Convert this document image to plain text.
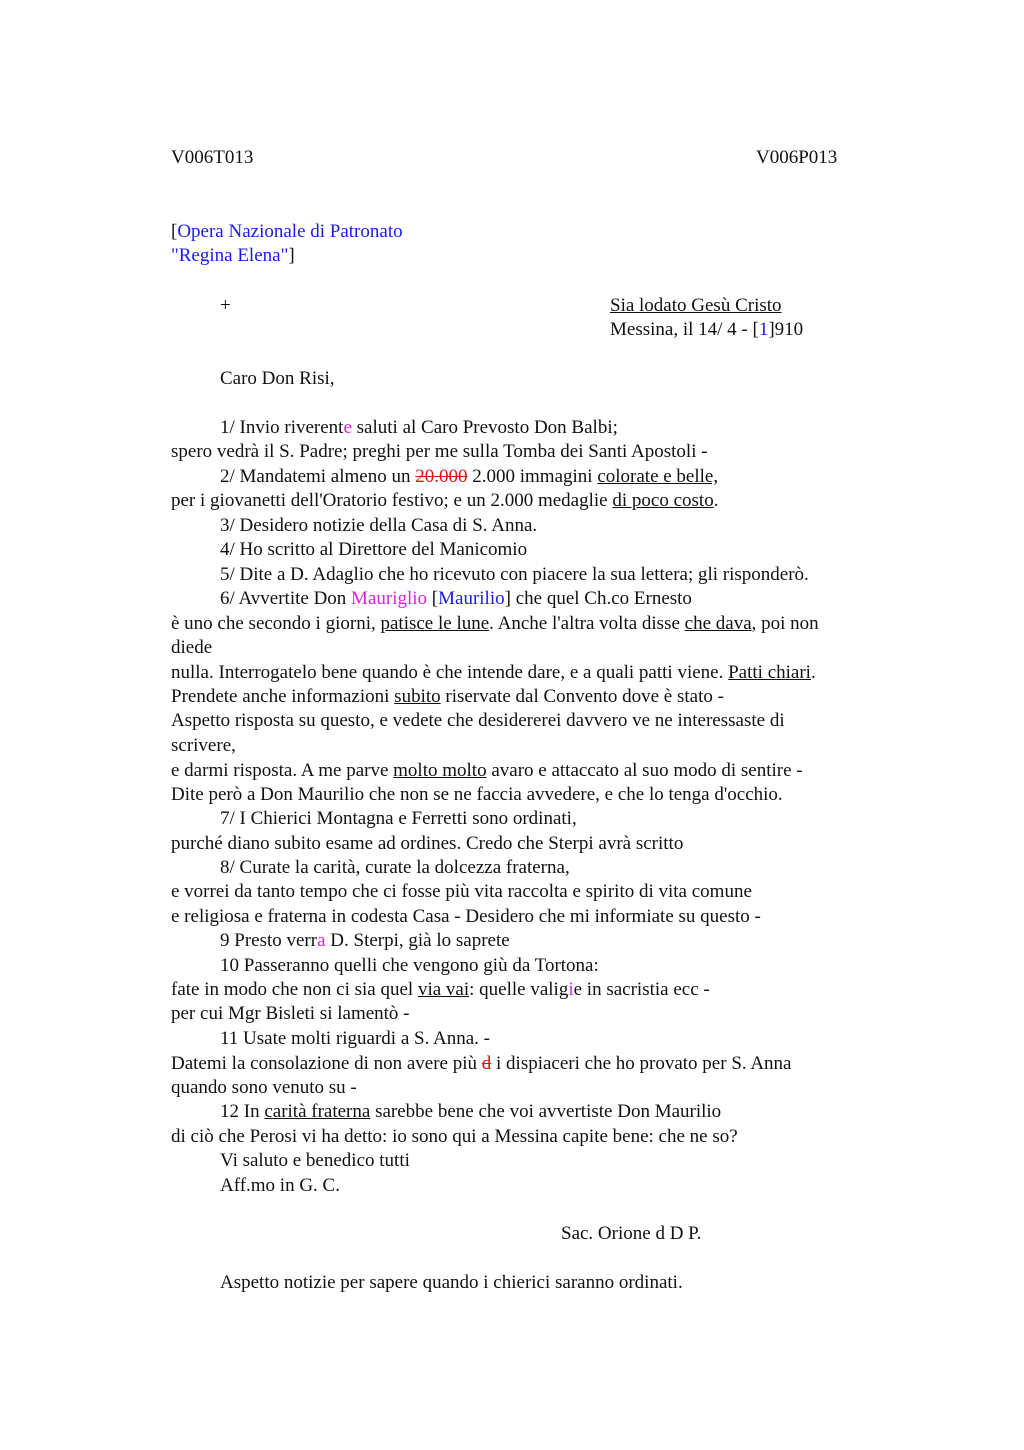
V006T013	V006P013
[Opera Nazionale di Patronato
"Regina Elena"]
+	Sia lodato Gesù Cristo
Messina, il 14/ 4 - [1]910
Caro Don Risi,
1/ Invio riverente saluti al Caro Prevosto Don Balbi;
spero vedrà il S. Padre; preghi per me sulla Tomba dei Santi Apostoli -
2/ Mandatemi almeno un 20.000 2.000 immagini colorate e belle,
per i giovanetti dell'Oratorio festivo; e un 2.000 medaglie di poco costo.
3/ Desidero notizie della Casa di S. Anna.
4/ Ho scritto al Direttore del Manicomio
5/ Dite a D. Adaglio che ho ricevuto con piacere la sua lettera; gli risponderò.
6/ Avvertite Don Mauriglio [Maurilio] che quel Ch.co Ernesto
è uno che secondo i giorni, patisce le lune. Anche l'altra volta disse che dava, poi non
diede
nulla. Interrogatelo bene quando è che intende dare, e a quali patti viene. Patti chiari.
Prendete anche informazioni subito riservate dal Convento dove è stato -
Aspetto risposta su questo, e vedete che desidererei davvero ve ne interessaste di
scrivere,
e darmi risposta. A me parve molto molto avaro e attaccato al suo modo di sentire -
Dite però a Don Maurilio che non se ne faccia avvedere, e che lo tenga d'occhio.
7/ I Chierici Montagna e Ferretti sono ordinati,
purché diano subito esame ad ordines. Credo che Sterpi avrà scritto
8/ Curate la carità, curate la dolcezza fraterna,
e vorrei da tanto tempo che ci fosse più vita raccolta e spirito di vita comune
e religiosa e fraterna in codesta Casa - Desidero che mi informiate su questo -
9 Presto verra D. Sterpi, già lo saprete
10 Passeranno quelli che vengono giù da Tortona:
fate in modo che non ci sia quel via vai: quelle valigie in sacristia ecc -
per cui Mgr Bisleti si lamentò -
11 Usate molti riguardi a S. Anna. -
Datemi la consolazione di non avere più d i dispiaceri che ho provato per S. Anna
quando sono venuto su -
12 In carità fraterna sarebbe bene che voi avvertiste Don Maurilio
di ciò che Perosi vi ha detto: io sono qui a Messina capite bene: che ne so?
Vi saluto e benedico tutti
Aff.mo in G. C.
Sac. Orione d D P.
Aspetto notizie per sapere quando i chierici saranno ordinati.
